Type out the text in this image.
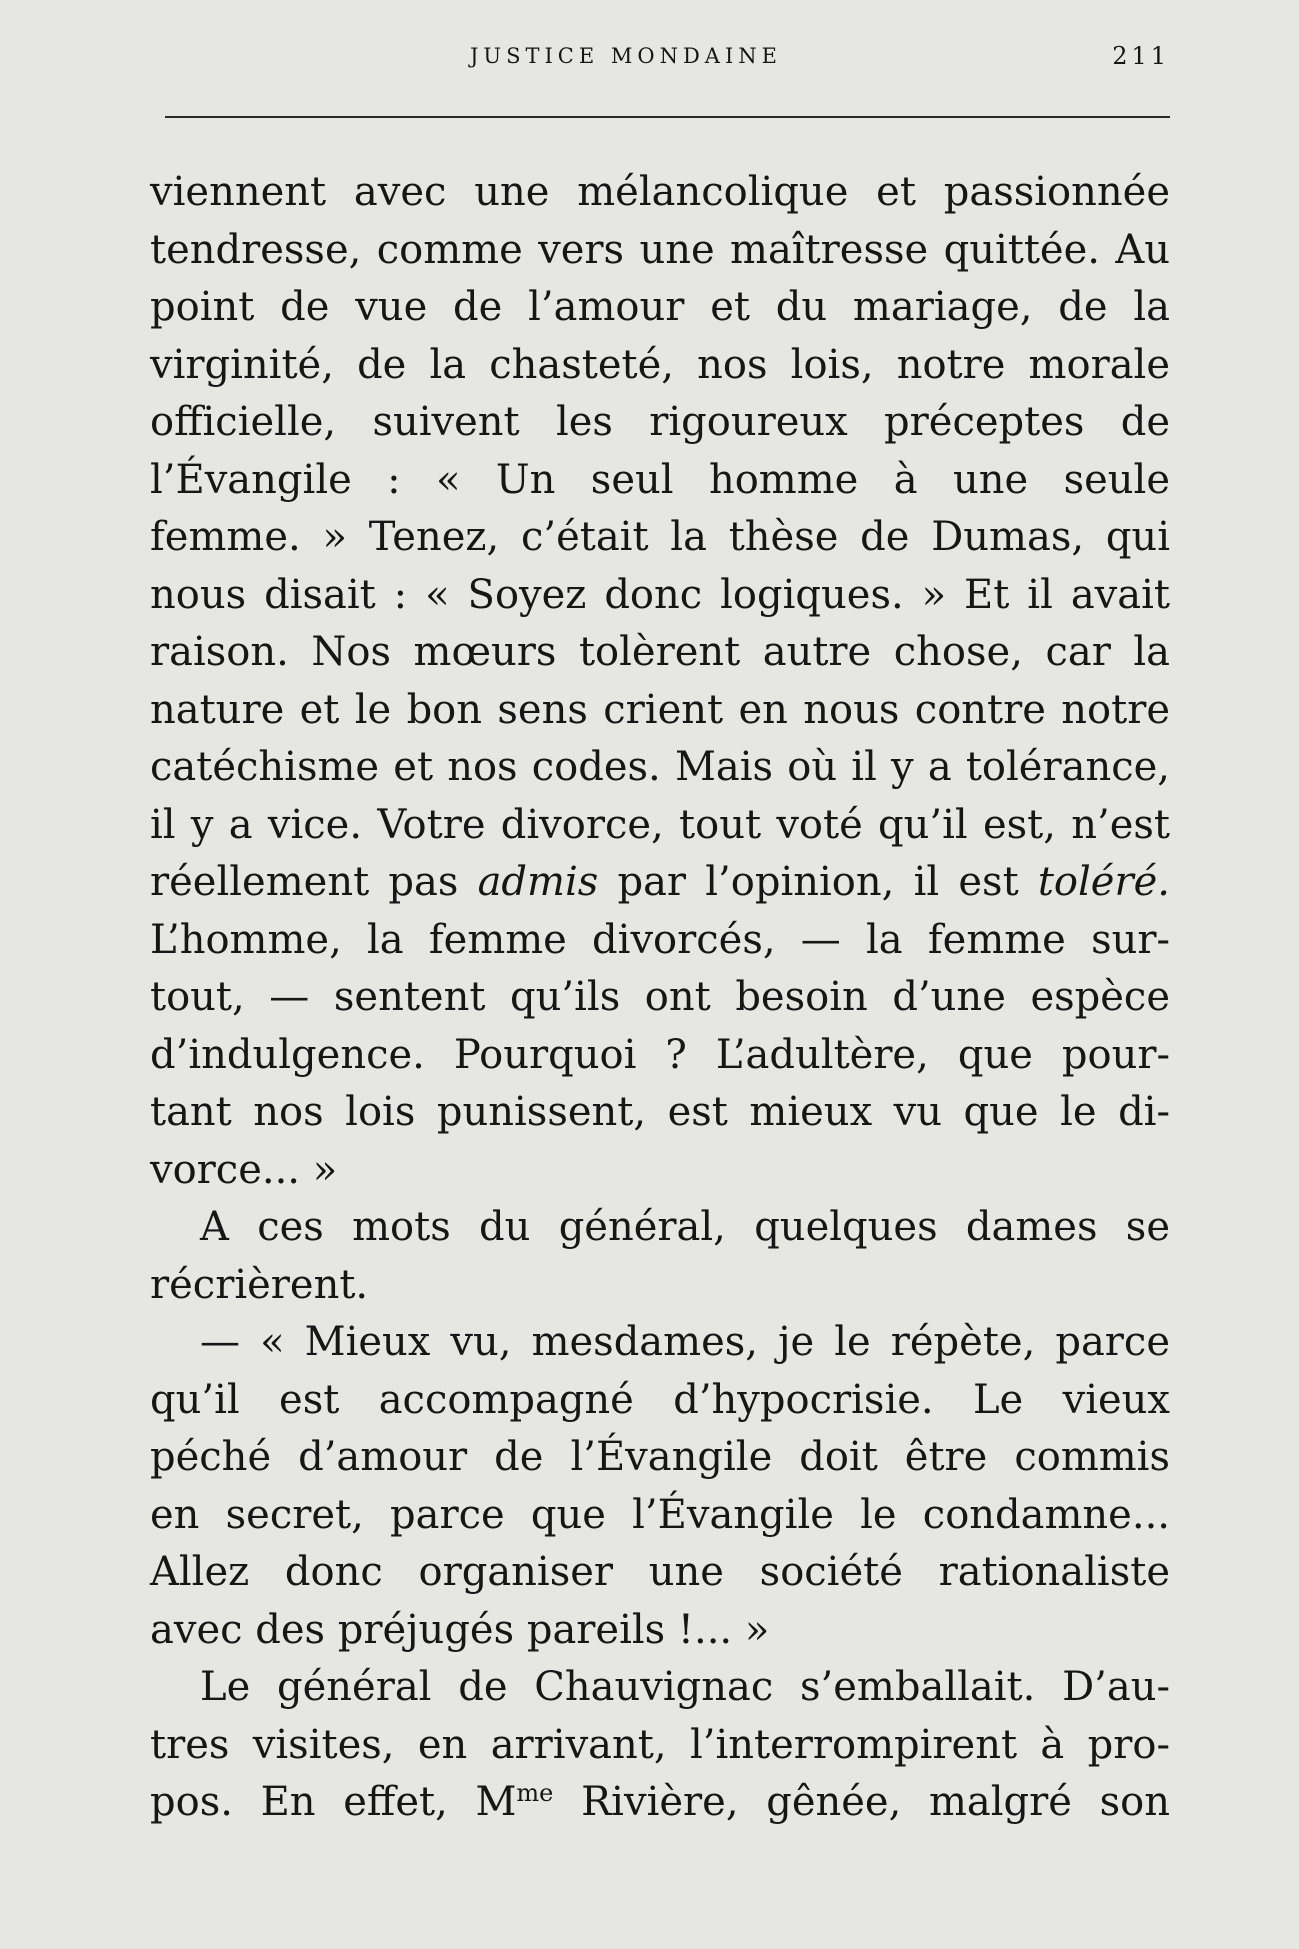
JUSTICE MONDAINE	211
viennent avec une mélancolique et passionnée
tendresse, comme vers une maîtresse quittée. Au
point de vue de l’amour et du mariage, de la
virginité, de la chasteté, nos lois, notre morale
officielle, suivent les rigoureux préceptes de
l’Évangile : « Un seul homme à une seule
femme. » Tenez, c’était la thèse de Dumas, qui
nous disait : « Soyez donc logiques. » Et il avait
raison. Nos mœurs tolèrent autre chose, car la
nature et le bon sens crient en nous contre notre
catéchisme et nos codes. Mais où il y a tolérance,
il y a vice. Votre divorce, tout voté qu’il est, n’est
réellement pas admis par l’opinion, il est toléré.
L’homme, la femme divorcés, — la femme sur-
tout, — sentent qu’ils ont besoin d’une espèce
d’indulgence. Pourquoi ? L’adultère, que pour-
tant nos lois punissent, est mieux vu que le di-
vorce... »
A ces mots du général, quelques dames se
récrièrent.
— « Mieux vu, mesdames, je le répète, parce
qu’il est accompagné d’hypocrisie. Le vieux
péché d’amour de l’Évangile doit être commis
en secret, parce que l’Évangile le condamne...
Allez donc organiser une société rationaliste
avec des préjugés pareils !... »
Le général de Chauvignac s’emballait. D’au-
tres visites, en arrivant, l’interrompirent à pro-
pos. En effet, $M^{me}$ Rivière, gênée, malgré son
